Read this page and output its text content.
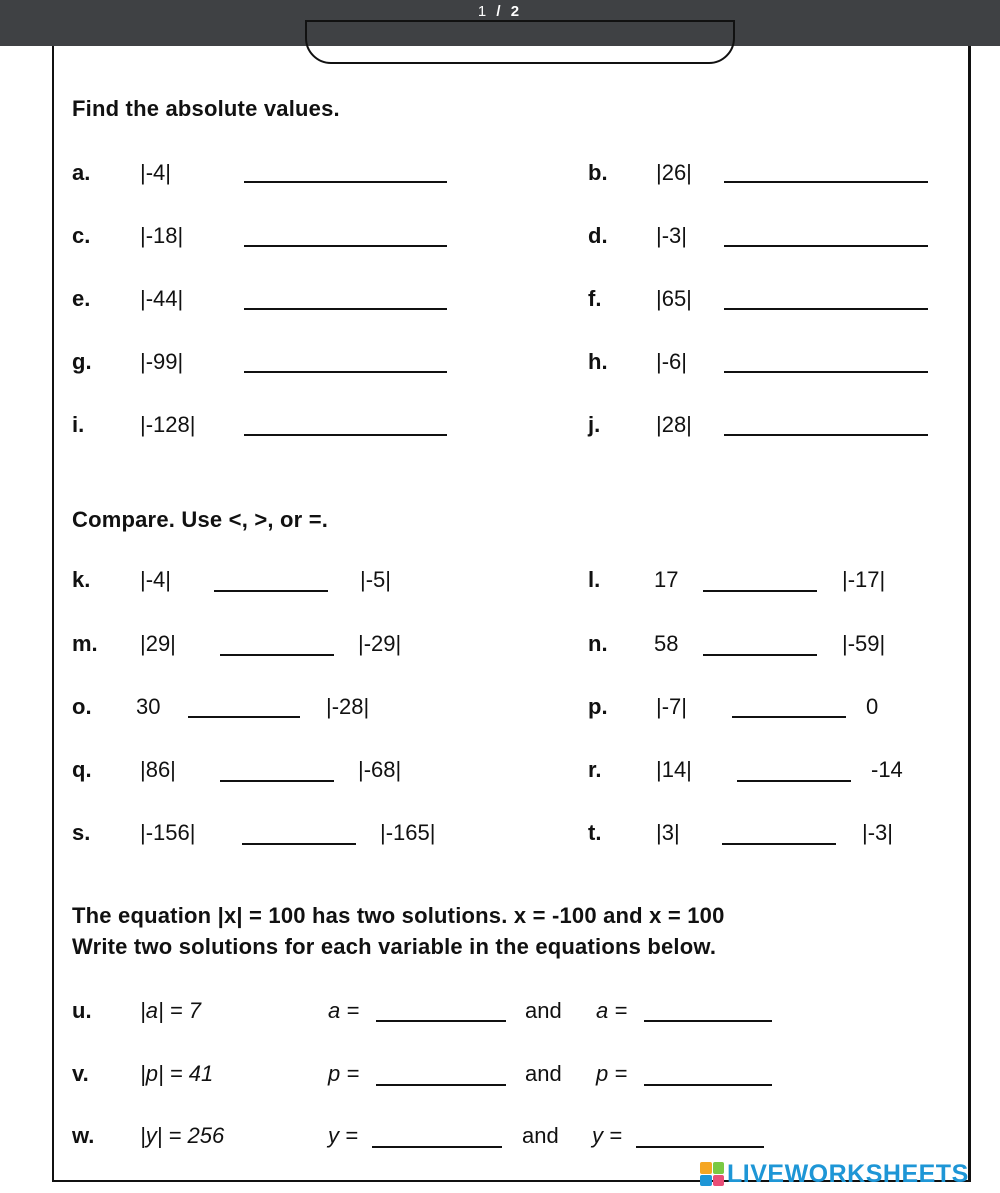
1 / 2
Find the absolute values.
a. |-4|	b. |26|
c. |-18|	d. |-3|
e. |-44|	f. |65|
g. |-99|	h. |-6|
i.	|-128|	j.	|28|
Compare. Use <, >, or =.
k. |-4|	|-5|	l. 17	|-17|
m. |29|	|-29|	n. 58	|-59|
o. 30	|-28|	p. |-7|	0
q. |86|	|-68|	r. |14|	-14
s. |-156|	|-165|	t. |3|	|-3|
The equation |x| = 100 has two solutions. x = -100 and x = 100
Write two solutions for each variable in the equations below.
u. |a| = 7	a =	and a =
v. |p| = 41	p =	and p =
w. |y| = 256	y =	and y =
LIVEWORKSHEETS
